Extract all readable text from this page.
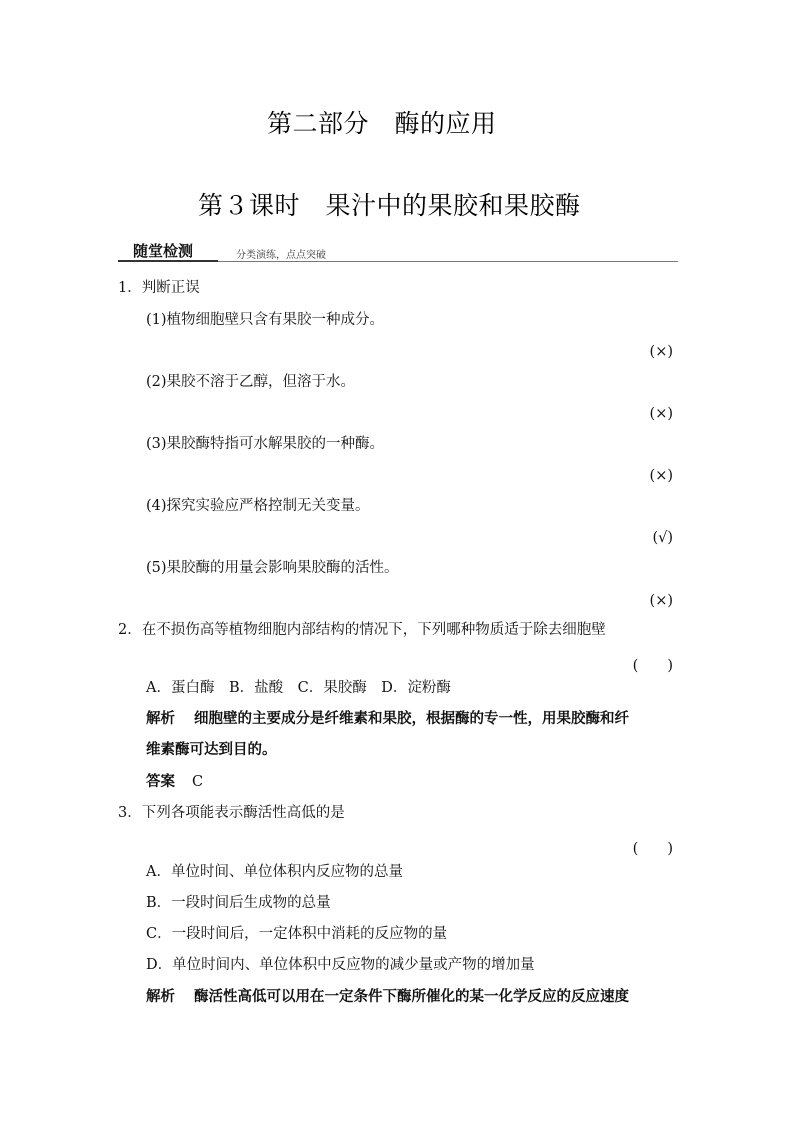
第二部分　酶的应用
第３课时　果汁中的果胶和果胶酶
随堂检测	分类演练，点点突破
1．判断正误
(1)植物细胞壁只含有果胶一种成分。
(×)
(2)果胶不溶于乙醇，但溶于水。
(×)
(3)果胶酶特指可水解果胶的一种酶。
(×)
(4)探究实验应严格控制无关变量。
(√)
(5)果胶酶的用量会影响果胶酶的活性。
(×)
2．在不损伤高等植物细胞内部结构的情况下，下列哪种物质适于除去细胞壁
(　　)
A．蛋白酶　B．盐酸　C．果胶酶　D．淀粉酶
解析 细胞壁的主要成分是纤维素和果胶，根据酶的专一性，用果胶酶和纤
维素酶可达到目的。
答案 C
3．下列各项能表示酶活性高低的是
(　　)
A．单位时间、单位体积内反应物的总量
B．一段时间后生成物的总量
C．一段时间后，一定体积中消耗的反应物的量
D．单位时间内、单位体积中反应物的减少量或产物的增加量
解析 酶活性高低可以用在一定条件下酶所催化的某一化学反应的反应速度
